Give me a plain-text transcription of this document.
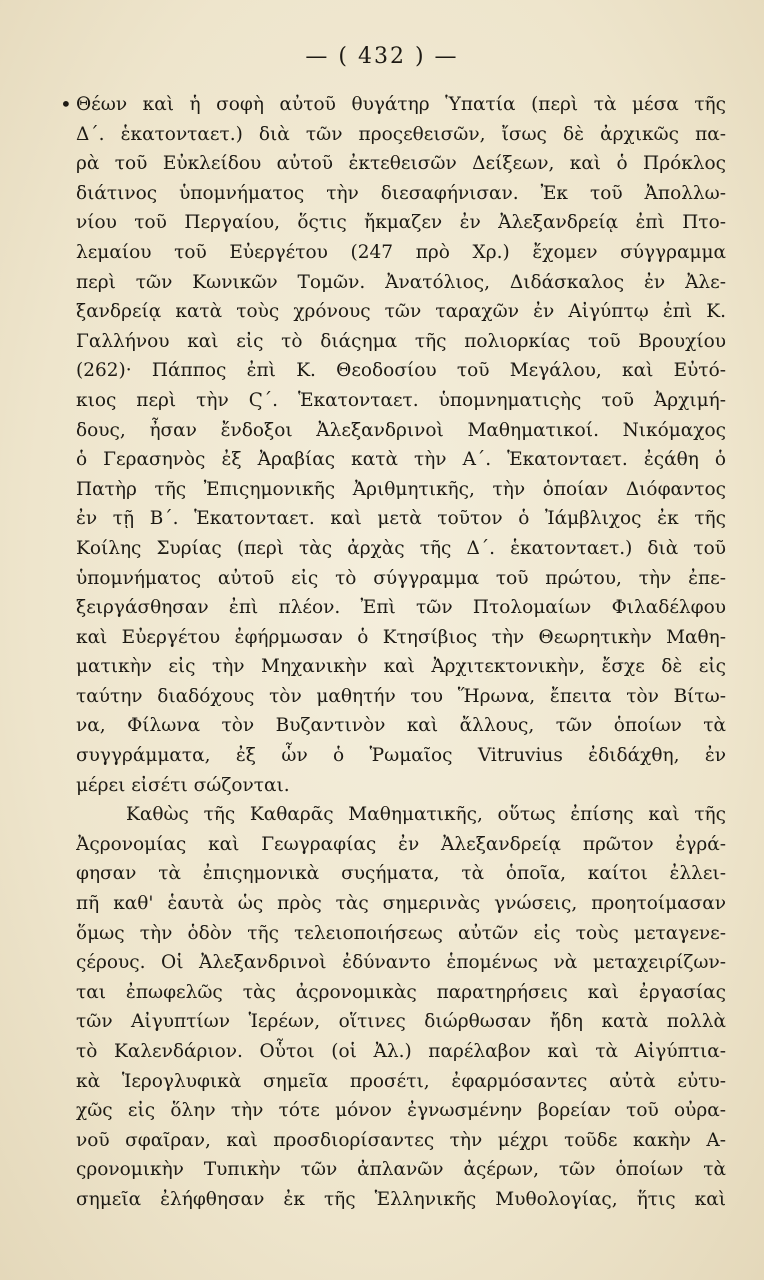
— ( 432 ) —
• Θέων καὶ ἡ σοφὴ αὐτοῦ θυγάτηρ Ὑπατία (περὶ τὰ μέσα τῆς
Δ΄. ἑκατονταετ.) διὰ τῶν προςεθεισῶν, ἴσως δὲ ἀρχικῶς πα-
ρὰ τοῦ Εὐκλείδου αὐτοῦ ἐκτεθεισῶν Δείξεων, καὶ ὁ Πρόκλος
διάτινος ὑπομνήματος τὴν διεσαφήνισαν. Ἐκ τοῦ Ἀπολλω-
νίου τοῦ Περγαίου, ὅςτις ἤκμαζεν ἐν Ἀλεξανδρείᾳ ἐπὶ Πτο-
λεμαίου τοῦ Εὐεργέτου (247 πρὸ Χρ.) ἔχομεν σύγγραμμα
περὶ τῶν Κωνικῶν Τομῶν. Ἀνατόλιος, Διδάσκαλος ἐν Ἀλε-
ξανδρείᾳ κατὰ τοὺς χρόνους τῶν ταραχῶν ἐν Αἰγύπτῳ ἐπὶ Κ.
Γαλλήνου καὶ εἰς τὸ διάςημα τῆς πολιορκίας τοῦ Βρουχίου
(262)· Πάππος ἐπὶ Κ. Θεοδοσίου τοῦ Μεγάλου, καὶ Εὐτό-
κιος περὶ τὴν Ϛ΄. Ἑκατονταετ. ὑπομνηματιςὴς τοῦ Ἀρχιμή-
δους, ἦσαν ἔνδοξοι Ἀλεξανδρινοὶ Μαθηματικοί. Νικόμαχος
ὁ Γερασηνὸς ἐξ Ἀραβίας κατὰ τὴν Α΄. Ἑκατονταετ. ἐςάθη ὁ
Πατὴρ τῆς Ἐπιςημονικῆς Ἀριθμητικῆς, τὴν ὁποίαν Διόφαντος
ἐν τῇ Β΄. Ἑκατονταετ. καὶ μετὰ τοῦτον ὁ Ἰάμβλιχος ἐκ τῆς
Κοίλης Συρίας (περὶ τὰς ἀρχὰς τῆς Δ΄. ἑκατονταετ.) διὰ τοῦ
ὑπομνήματος αὐτοῦ εἰς τὸ σύγγραμμα τοῦ πρώτου, τὴν ἐπε-
ξειργάσθησαν ἐπὶ πλέον. Ἐπὶ τῶν Πτολομαίων Φιλαδέλφου
καὶ Εὐεργέτου ἐφήρμωσαν ὁ Κτησίβιος τὴν Θεωρητικὴν Μαθη-
ματικὴν εἰς τὴν Μηχανικὴν καὶ Ἀρχιτεκτονικὴν, ἔσχε δὲ εἰς
ταύτην διαδόχους τὸν μαθητήν του Ἥρωνα, ἔπειτα τὸν Βίτω-
να, Φίλωνα τὸν Βυζαντινὸν καὶ ἄλλους, τῶν ὁποίων τὰ
συγγράμματα, ἐξ ὧν ὁ Ῥωμαῖος Vitruvius ἐδιδάχθη, ἐν
μέρει εἰσέτι σώζονται.
Καθὼς τῆς Καθαρᾶς Μαθηματικῆς, οὕτως ἐπίσης καὶ τῆς
Ἀςρονομίας καὶ Γεωγραφίας ἐν Ἀλεξανδρείᾳ πρῶτον ἐγρά-
φησαν τὰ ἐπιςημονικὰ συςήματα, τὰ ὁποῖα, καίτοι ἐλλει-
πῆ καθ' ἑαυτὰ ὡς πρὸς τὰς σημερινὰς γνώσεις, προητοίμασαν
ὅμως τὴν ὁδὸν τῆς τελειοποιήσεως αὐτῶν εἰς τοὺς μεταγενε-
ςέρους. Οἱ Ἀλεξανδρινοὶ ἐδύναντο ἑπομένως νὰ μεταχειρίζων-
ται ἐπωφελῶς τὰς ἀςρονομικὰς παρατηρήσεις καὶ ἐργασίας
τῶν Αἰγυπτίων Ἱερέων, οἵτινες διώρθωσαν ἤδη κατὰ πολλὰ
τὸ Καλενδάριον. Οὗτοι (οἱ Ἀλ.) παρέλαβον καὶ τὰ Αἰγύπτια-
κὰ Ἱερογλυφικὰ σημεῖα προσέτι, ἐφαρμόσαντες αὐτὰ εὐτυ-
χῶς εἰς ὅλην τὴν τότε μόνον ἐγνωσμένην βορείαν τοῦ οὐρα-
νοῦ σφαῖραν, καὶ προσδιορίσαντες τὴν μέχρι τοῦδε κακὴν Α-
ςρονομικὴν Τυπικὴν τῶν ἀπλανῶν ἀςέρων, τῶν ὁποίων τὰ
σημεῖα ἐλήφθησαν ἐκ τῆς Ἑλληνικῆς Μυθολογίας, ἥτις καὶ
